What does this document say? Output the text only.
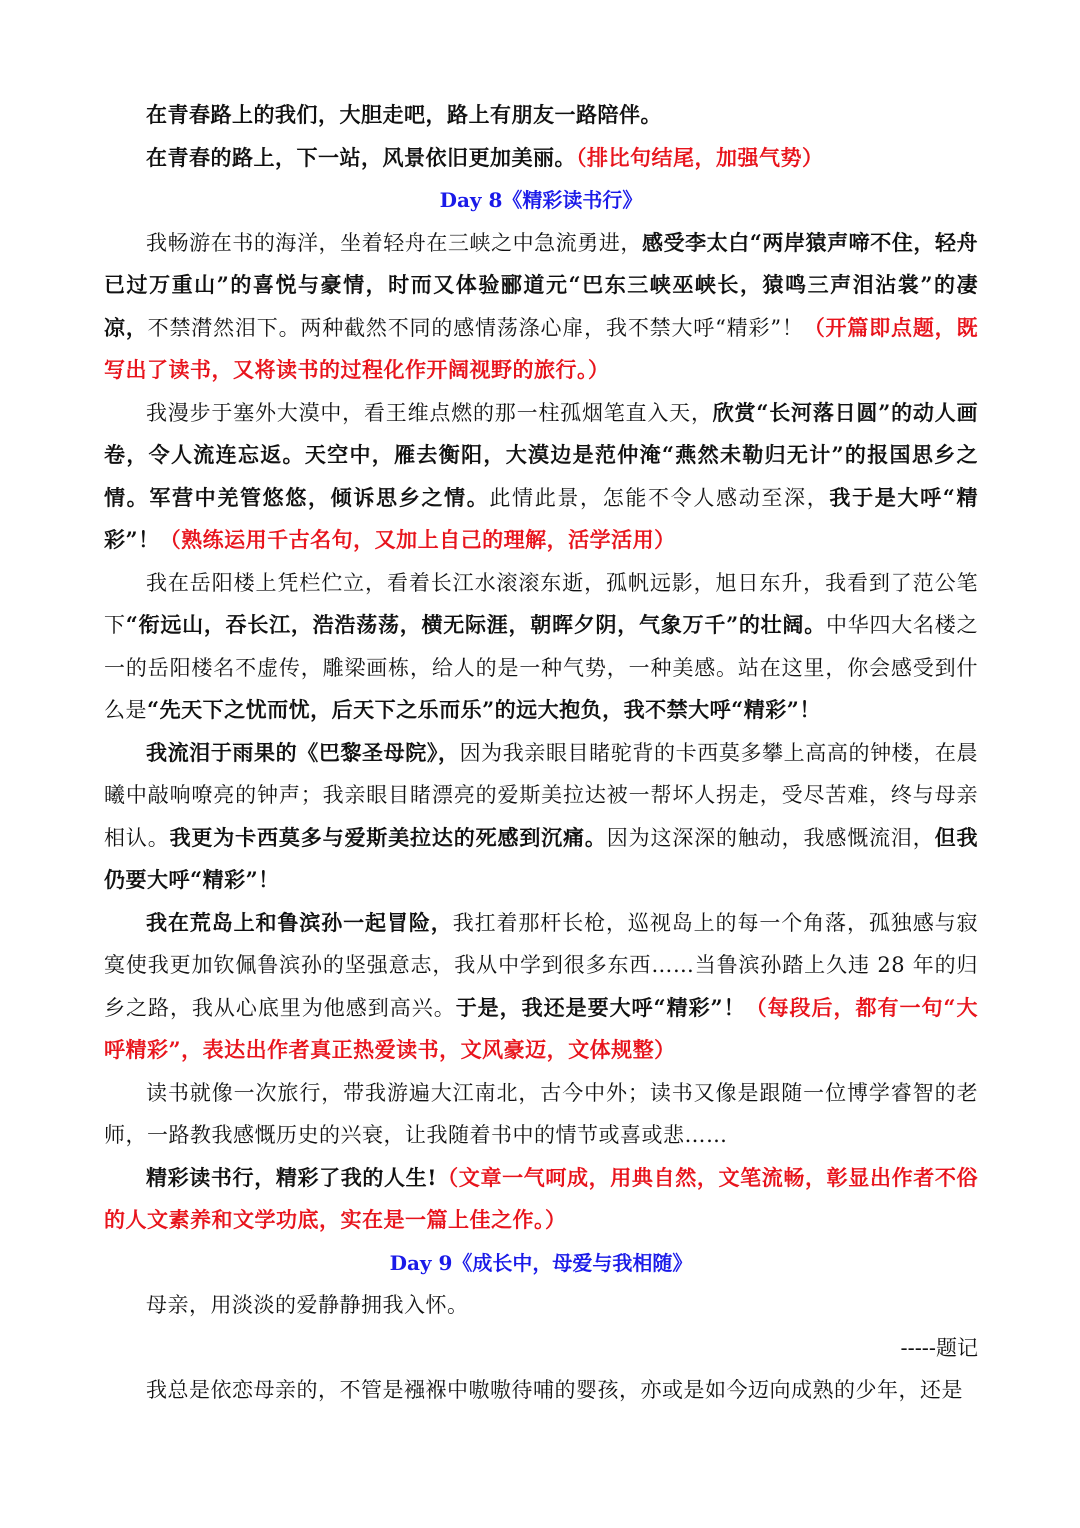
在青春路上的我们，大胆走吧，路上有朋友一路陪伴。

在青春的路上，下一站，风景依旧更加美丽。（排比句结尾，加强气势）

Day 8《精彩读书行》

我畅游在书的海洋，坐着轻舟在三峡之中急流勇进，感受李太白“两岸猿声啼不住，轻舟已过万重山”的喜悦与豪情，时而又体验郦道元“巴东三峡巫峡长，猿鸣三声泪沾裳”的凄凉，不禁潸然泪下。两种截然不同的感情荡涤心扉，我不禁大呼“精彩”！（开篇即点题，既写出了读书，又将读书的过程化作开阔视野的旅行。）

我漫步于塞外大漠中，看王维点燃的那一柱孤烟笔直入天，欣赏“长河落日圆”的动人画卷，令人流连忘返。天空中，雁去衡阳，大漠边是范仲淹“燕然未勒归无计”的报国思乡之情。军营中羌管悠悠，倾诉思乡之情。此情此景，怎能不令人感动至深，我于是大呼“精彩”！（熟练运用千古名句，又加上自己的理解，活学活用）

我在岳阳楼上凭栏伫立，看着长江水滚滚东逝，孤帆远影，旭日东升，我看到了范公笔下“衔远山，吞长江，浩浩荡荡，横无际涯，朝晖夕阴，气象万千”的壮阔。中华四大名楼之一的岳阳楼名不虚传，雕梁画栋，给人的是一种气势，一种美感。站在这里，你会感受到什么是“先天下之忧而忧，后天下之乐而乐”的远大抱负，我不禁大呼“精彩”！

我流泪于雨果的《巴黎圣母院》，因为我亲眼目睹驼背的卡西莫多攀上高高的钟楼，在晨曦中敲响嘹亮的钟声；我亲眼目睹漂亮的爱斯美拉达被一帮坏人拐走，受尽苦难，终与母亲相认。我更为卡西莫多与爱斯美拉达的死感到沉痛。因为这深深的触动，我感慨流泪，但我仍要大呼“精彩”！

我在荒岛上和鲁滨孙一起冒险，我扛着那杆长枪，巡视岛上的每一个角落，孤独感与寂寞使我更加钦佩鲁滨孙的坚强意志，我从中学到很多东西……当鲁滨孙踏上久违 28 年的归乡之路，我从心底里为他感到高兴。于是，我还是要大呼“精彩”！（每段后，都有一句“大呼精彩”，表达出作者真正热爱读书，文风豪迈，文体规整）

读书就像一次旅行，带我游遍大江南北，古今中外；读书又像是跟随一位博学睿智的老师，一路教我感慨历史的兴衰，让我随着书中的情节或喜或悲……

精彩读书行，精彩了我的人生!（文章一气呵成，用典自然，文笔流畅，彰显出作者不俗的人文素养和文学功底，实在是一篇上佳之作。）

Day 9《成长中，母爱与我相随》

母亲，用淡淡的爱静静拥我入怀。

-----题记

我总是依恋母亲的，不管是襁褓中嗷嗷待哺的婴孩，亦或是如今迈向成熟的少年，还是
